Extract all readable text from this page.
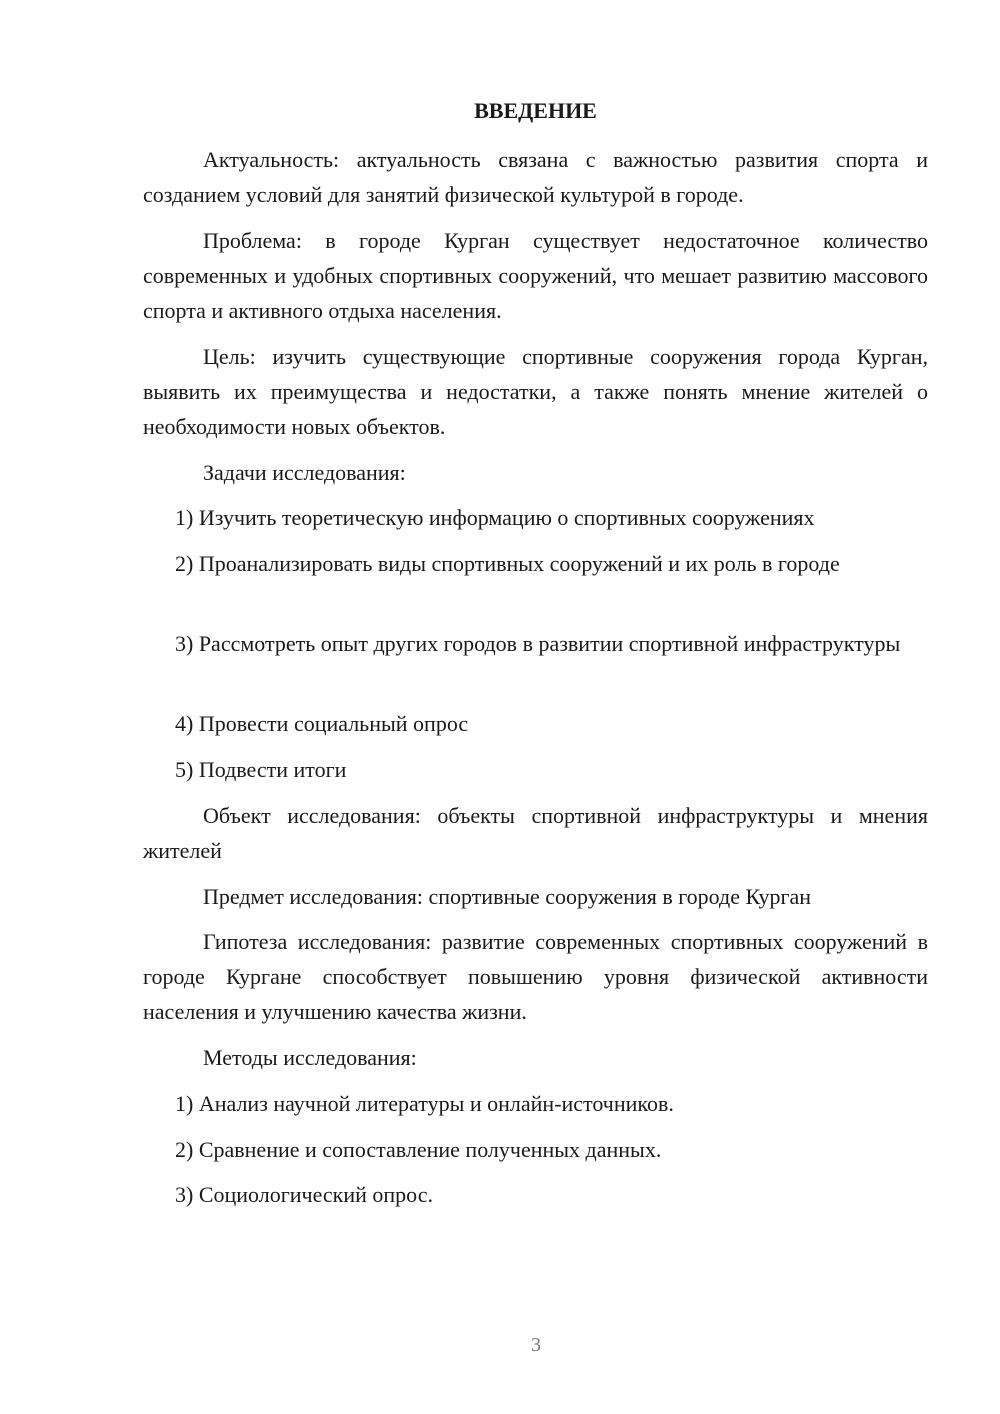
ВВЕДЕНИЕ

Актуальность: актуальность связана с важностью развития спорта и созданием условий для занятий физической культурой в городе.

Проблема: в городе Курган существует недостаточное количество современных и удобных спортивных сооружений, что мешает развитию массового спорта и активного отдыха населения.

Цель: изучить существующие спортивные сооружения города Курган, выявить их преимущества и недостатки, а также понять мнение жителей о необходимости новых объектов.

Задачи исследования:

1) Изучить теоретическую информацию о спортивных сооружениях

2) Проанализировать виды спортивных сооружений и их роль в городе

3) Рассмотреть опыт других городов в развитии спортивной инфраструктуры

4) Провести социальный опрос

5) Подвести итоги

Объект исследования: объекты спортивной инфраструктуры и мнения жителей

Предмет исследования: спортивные сооружения в городе Курган

Гипотеза исследования: развитие современных спортивных сооружений в городе Кургане способствует повышению уровня физической активности населения и улучшению качества жизни.

Методы исследования:

1) Анализ научной литературы и онлайн-источников.

2) Сравнение и сопоставление полученных данных.

3) Социологический опрос.

3
